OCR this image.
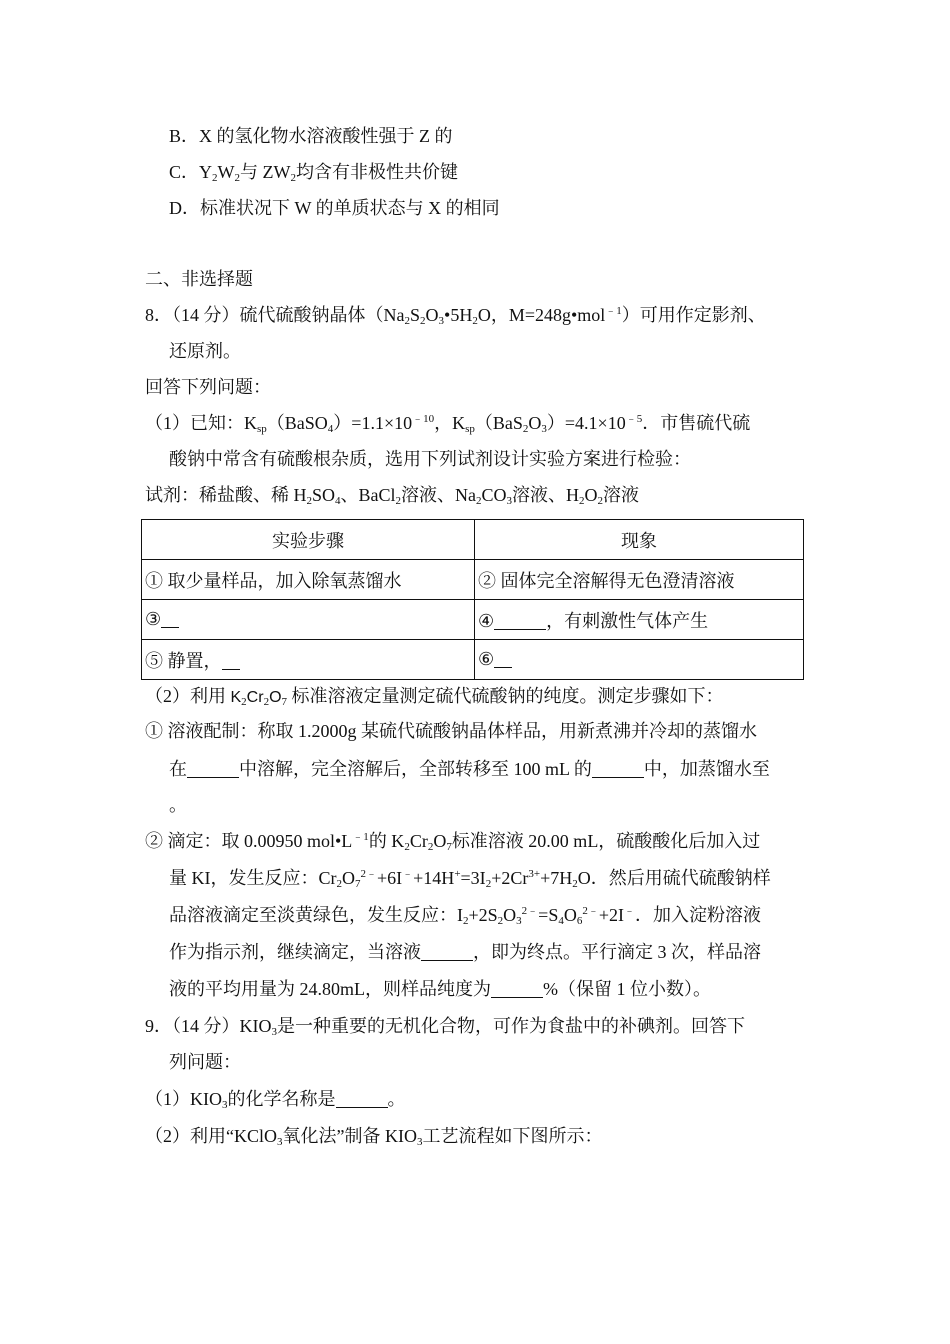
B．X 的氢化物水溶液酸性强于 Z 的
C．$Y_2W_2$与 $ZW_2$均含有非极性共价键
D．标准状况下 W 的单质状态与 X 的相同
二、非选择题
8．（14 分）硫代硫酸钠晶体（$Na_2S_2O_3•5H_2O$，M=248g•mol$^{﹣1}$）可用作定影剂、
还原剂。
回答下列问题：
（1）已知：$K_{sp}(BaSO_4)=1.1\times 10^{﹣10}$，$K_{sp}(BaS_2O_3)=4.1\times 10^{﹣5}$．市售硫代硫
酸钠中常含有硫酸根杂质，选用下列试剂设计实验方案进行检验：
试剂：稀盐酸、稀 $H_2SO_4$、BaCl$_2$溶液、$Na_2CO_3$溶液、$H_2O_2$溶液
实验步骤	现象
① 取少量样品，加入除氧蒸馏水	② 固体完全溶解得无色澄清溶液
③	④ ，有刺激性气体产生
⑤ 静置，	⑥
（2）利用 $K_2Cr_2O_7$ 标准溶液定量测定硫代硫酸钠的纯度。测定步骤如下：
① 溶液配制：称取 1.2000g 某硫代硫酸钠晶体样品，用新煮沸并冷却的蒸馏水
在	中溶解，完全溶解后，全部转移至 100 mL 的	中，加蒸馏水至
。
② 滴定：取 0.00950 $mol•L^{﹣1}$的 $K_2Cr_2O_7$标准溶液 20.00 mL，硫酸酸化后加入过
量 KI，发生反应：$Cr_2O_7^{2﹣}+6I^﹣+14H^+=3I_2+2Cr^{3+}+7H_2O$．然后用硫代硫酸钠样
品溶液滴定至淡黄绿色，发生反应：$I_2+2S_2O_3^{2﹣}=S_4O_6^{2﹣}+2I^﹣$．加入淀粉溶液
作为指示剂，继续滴定，当溶液	，即为终点。平行滴定 3 次，样品溶
液的平均用量为 24.80mL，则样品纯度为	%（保留 1 位小数）。
9．（14 分）$KIO_3$是一种重要的无机化合物，可作为食盐中的补碘剂。回答下
列问题：
$(1)KIO_3$的化学名称是	。
（2）利用“KClO$_3$氧化法”制备 $KIO_3$工艺流程如下图所示：
